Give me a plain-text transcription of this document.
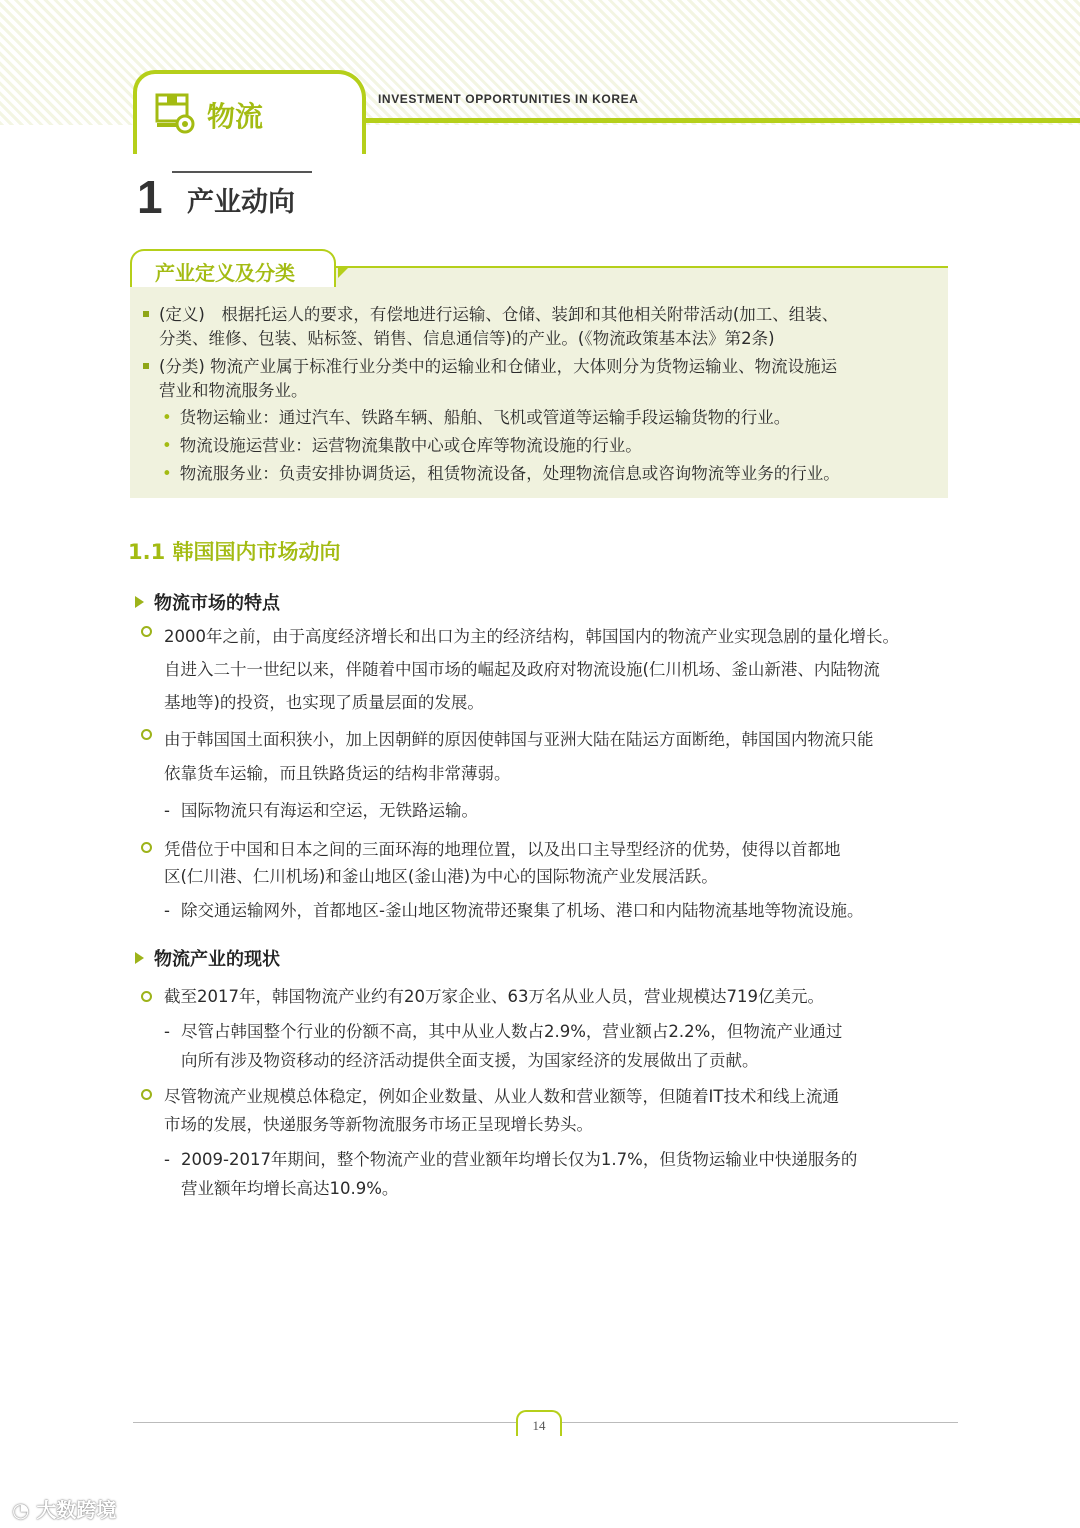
INVESTMENT OPPORTUNITIES IN KOREA
物流
1 产业动向
产业定义及分类
(定义)　根据托运人的要求，有偿地进行运输、仓储、装卸和其他相关附带活动(加工、组装、
分类、维修、包装、贴标签、销售、信息通信等)的产业。(《物流政策基本法》第2条)
(分类) 物流产业属于标准行业分类中的运输业和仓储业，大体则分为货物运输业、物流设施运
营业和物流服务业。
• 货物运输业：通过汽车、铁路车辆、船舶、飞机或管道等运输手段运输货物的行业。
• 物流设施运营业：运营物流集散中心或仓库等物流设施的行业。
• 物流服务业：负责安排协调货运，租赁物流设备，处理物流信息或咨询物流等业务的行业。
1.1 韩国国内市场动向
物流市场的特点
2000年之前，由于高度经济增长和出口为主的经济结构，韩国国内的物流产业实现急剧的量化增长。
自进入二十一世纪以来，伴随着中国市场的崛起及政府对物流设施(仁川机场、釜山新港、内陆物流
基地等)的投资，也实现了质量层面的发展。
由于韩国国土面积狭小，加上因朝鲜的原因使韩国与亚洲大陆在陆运方面断绝，韩国国内物流只能
依靠货车运输，而且铁路货运的结构非常薄弱。
- 国际物流只有海运和空运，无铁路运输。
凭借位于中国和日本之间的三面环海的地理位置，以及出口主导型经济的优势，使得以首都地
区(仁川港、仁川机场)和釜山地区(釜山港)为中心的国际物流产业发展活跃。
- 除交通运输网外，首都地区-釜山地区物流带还聚集了机场、港口和内陆物流基地等物流设施。
物流产业的现状
截至2017年，韩国物流产业约有20万家企业、63万名从业人员，营业规模达719亿美元。
- 尽管占韩国整个行业的份额不高，其中从业人数占2.9%，营业额占2.2%，但物流产业通过
向所有涉及物资移动的经济活动提供全面支援，为国家经济的发展做出了贡献。
尽管物流产业规模总体稳定，例如企业数量、从业人数和营业额等，但随着IT技术和线上流通
市场的发展，快递服务等新物流服务市场正呈现增长势头。
- 2009-2017年期间，整个物流产业的营业额年均增长仅为1.7%，但货物运输业中快递服务的
营业额年均增长高达10.9%。
14
◔ 大数跨境
